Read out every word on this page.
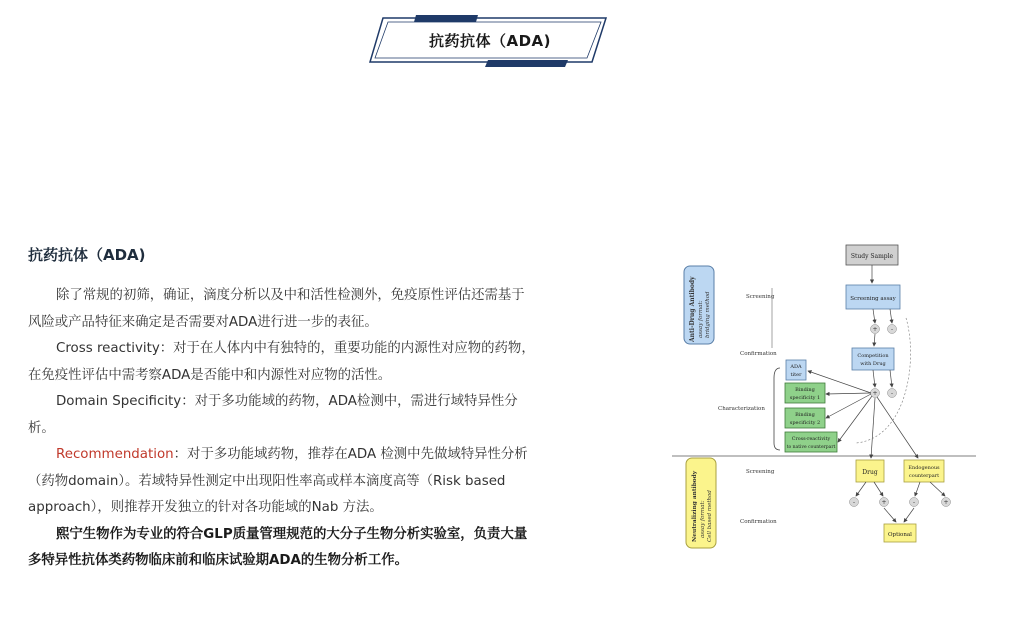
抗药抗体（ADA)
抗药抗体（ADA)

除了常规的初筛，确证，滴度分析以及中和活性检测外，免疫原性评估还需基于风险或产品特征来确定是否需要对ADA进行进一步的表征。

Cross reactivity：对于在人体内中有独特的，重要功能的内源性对应物的药物，在免疫性评估中需考察ADA是否能中和内源性对应物的活性。

Domain Specificity：对于多功能域的药物，ADA检测中，需进行域特异性分析。

Recommendation：对于多功能域药物，推荐在ADA 检测中先做域特异性分析 （药物domain）。若域特异性测定中出现阳性率高或样本滴度高等（Risk based approach），则推荐开发独立的针对各功能域的Nab 方法。

熙宁生物作为专业的符合GLP质量管理规范的大分子生物分析实验室，负责大量多特异性抗体类药物临床前和临床试验期ADA的生物分析工作。

Anti-Drug Antibody assay format: bridging method
Neutralizing antibody assay format: Cell based method
Screening
Confirmation
Characterization
Screening
Confirmation
Study Sample
Screening assay
Competition
with Drug
ADA
titer
Binding
specificity 1
Binding
specificity 2
Cross-reactivity
to native counterpart
Drug
Endogenous
counterpart
Optional
+ -
+ -
-	+	-	+
